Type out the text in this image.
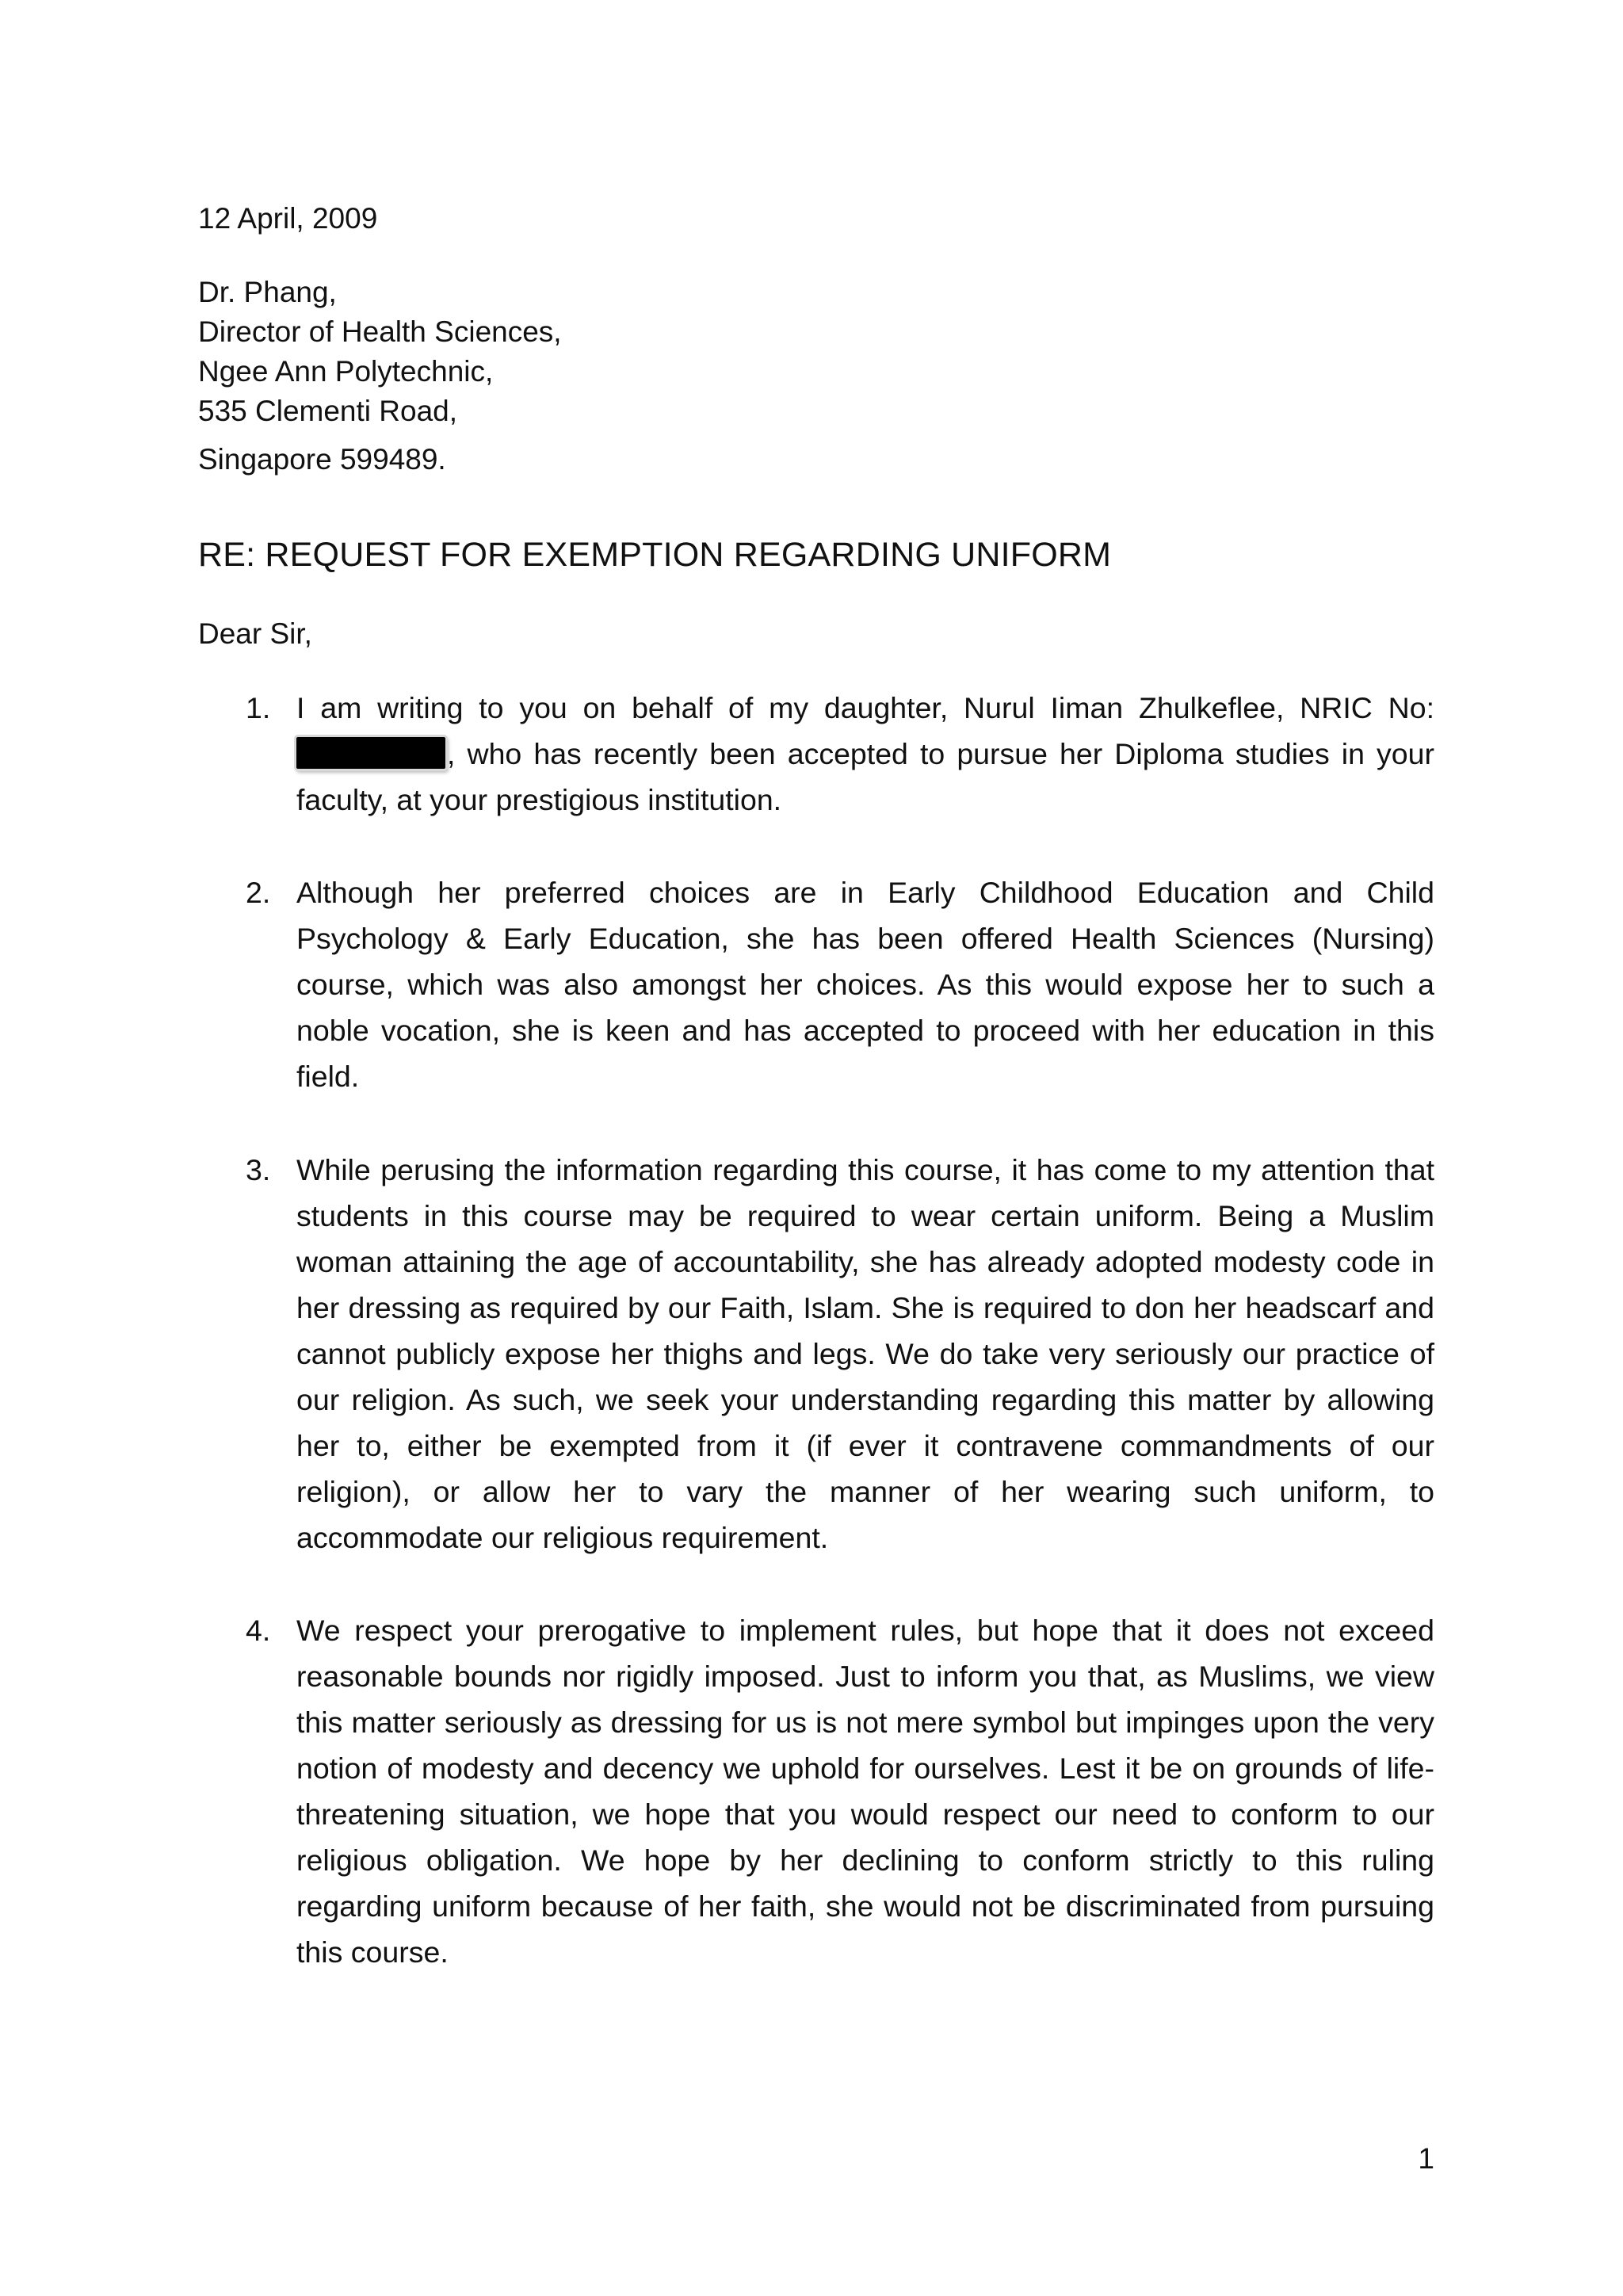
12 April, 2009
Dr. Phang,
Director of Health Sciences,
Ngee Ann Polytechnic,
535 Clementi Road,
Singapore 599489.
RE: REQUEST FOR EXEMPTION REGARDING UNIFORM
Dear Sir,
1. I am writing to you on behalf of my daughter, Nurul Iiman Zhulkeflee, NRIC No: , who has recently been accepted to pursue her Diploma studies in your faculty, at your prestigious institution.
2. Although her preferred choices are in Early Childhood Education and Child Psychology & Early Education, she has been offered Health Sciences (Nursing) course, which was also amongst her choices. As this would expose her to such a noble vocation, she is keen and has accepted to proceed with her education in this field.
3. While perusing the information regarding this course, it has come to my attention that students in this course may be required to wear certain uniform. Being a Muslim woman attaining the age of accountability, she has already adopted modesty code in her dressing as required by our Faith, Islam. She is required to don her headscarf and cannot publicly expose her thighs and legs. We do take very seriously our practice of our religion. As such, we seek your understanding regarding this matter by allowing her to, either be exempted from it (if ever it contravene commandments of our religion), or allow her to vary the manner of her wearing such uniform, to accommodate our religious requirement.
4. We respect your prerogative to implement rules, but hope that it does not exceed reasonable bounds nor rigidly imposed. Just to inform you that, as Muslims, we view this matter seriously as dressing for us is not mere symbol but impinges upon the very notion of modesty and decency we uphold for ourselves. Lest it be on grounds of life-threatening situation, we hope that you would respect our need to conform to our religious obligation. We hope by her declining to conform strictly to this ruling regarding uniform because of her faith, she would not be discriminated from pursuing this course.
1
